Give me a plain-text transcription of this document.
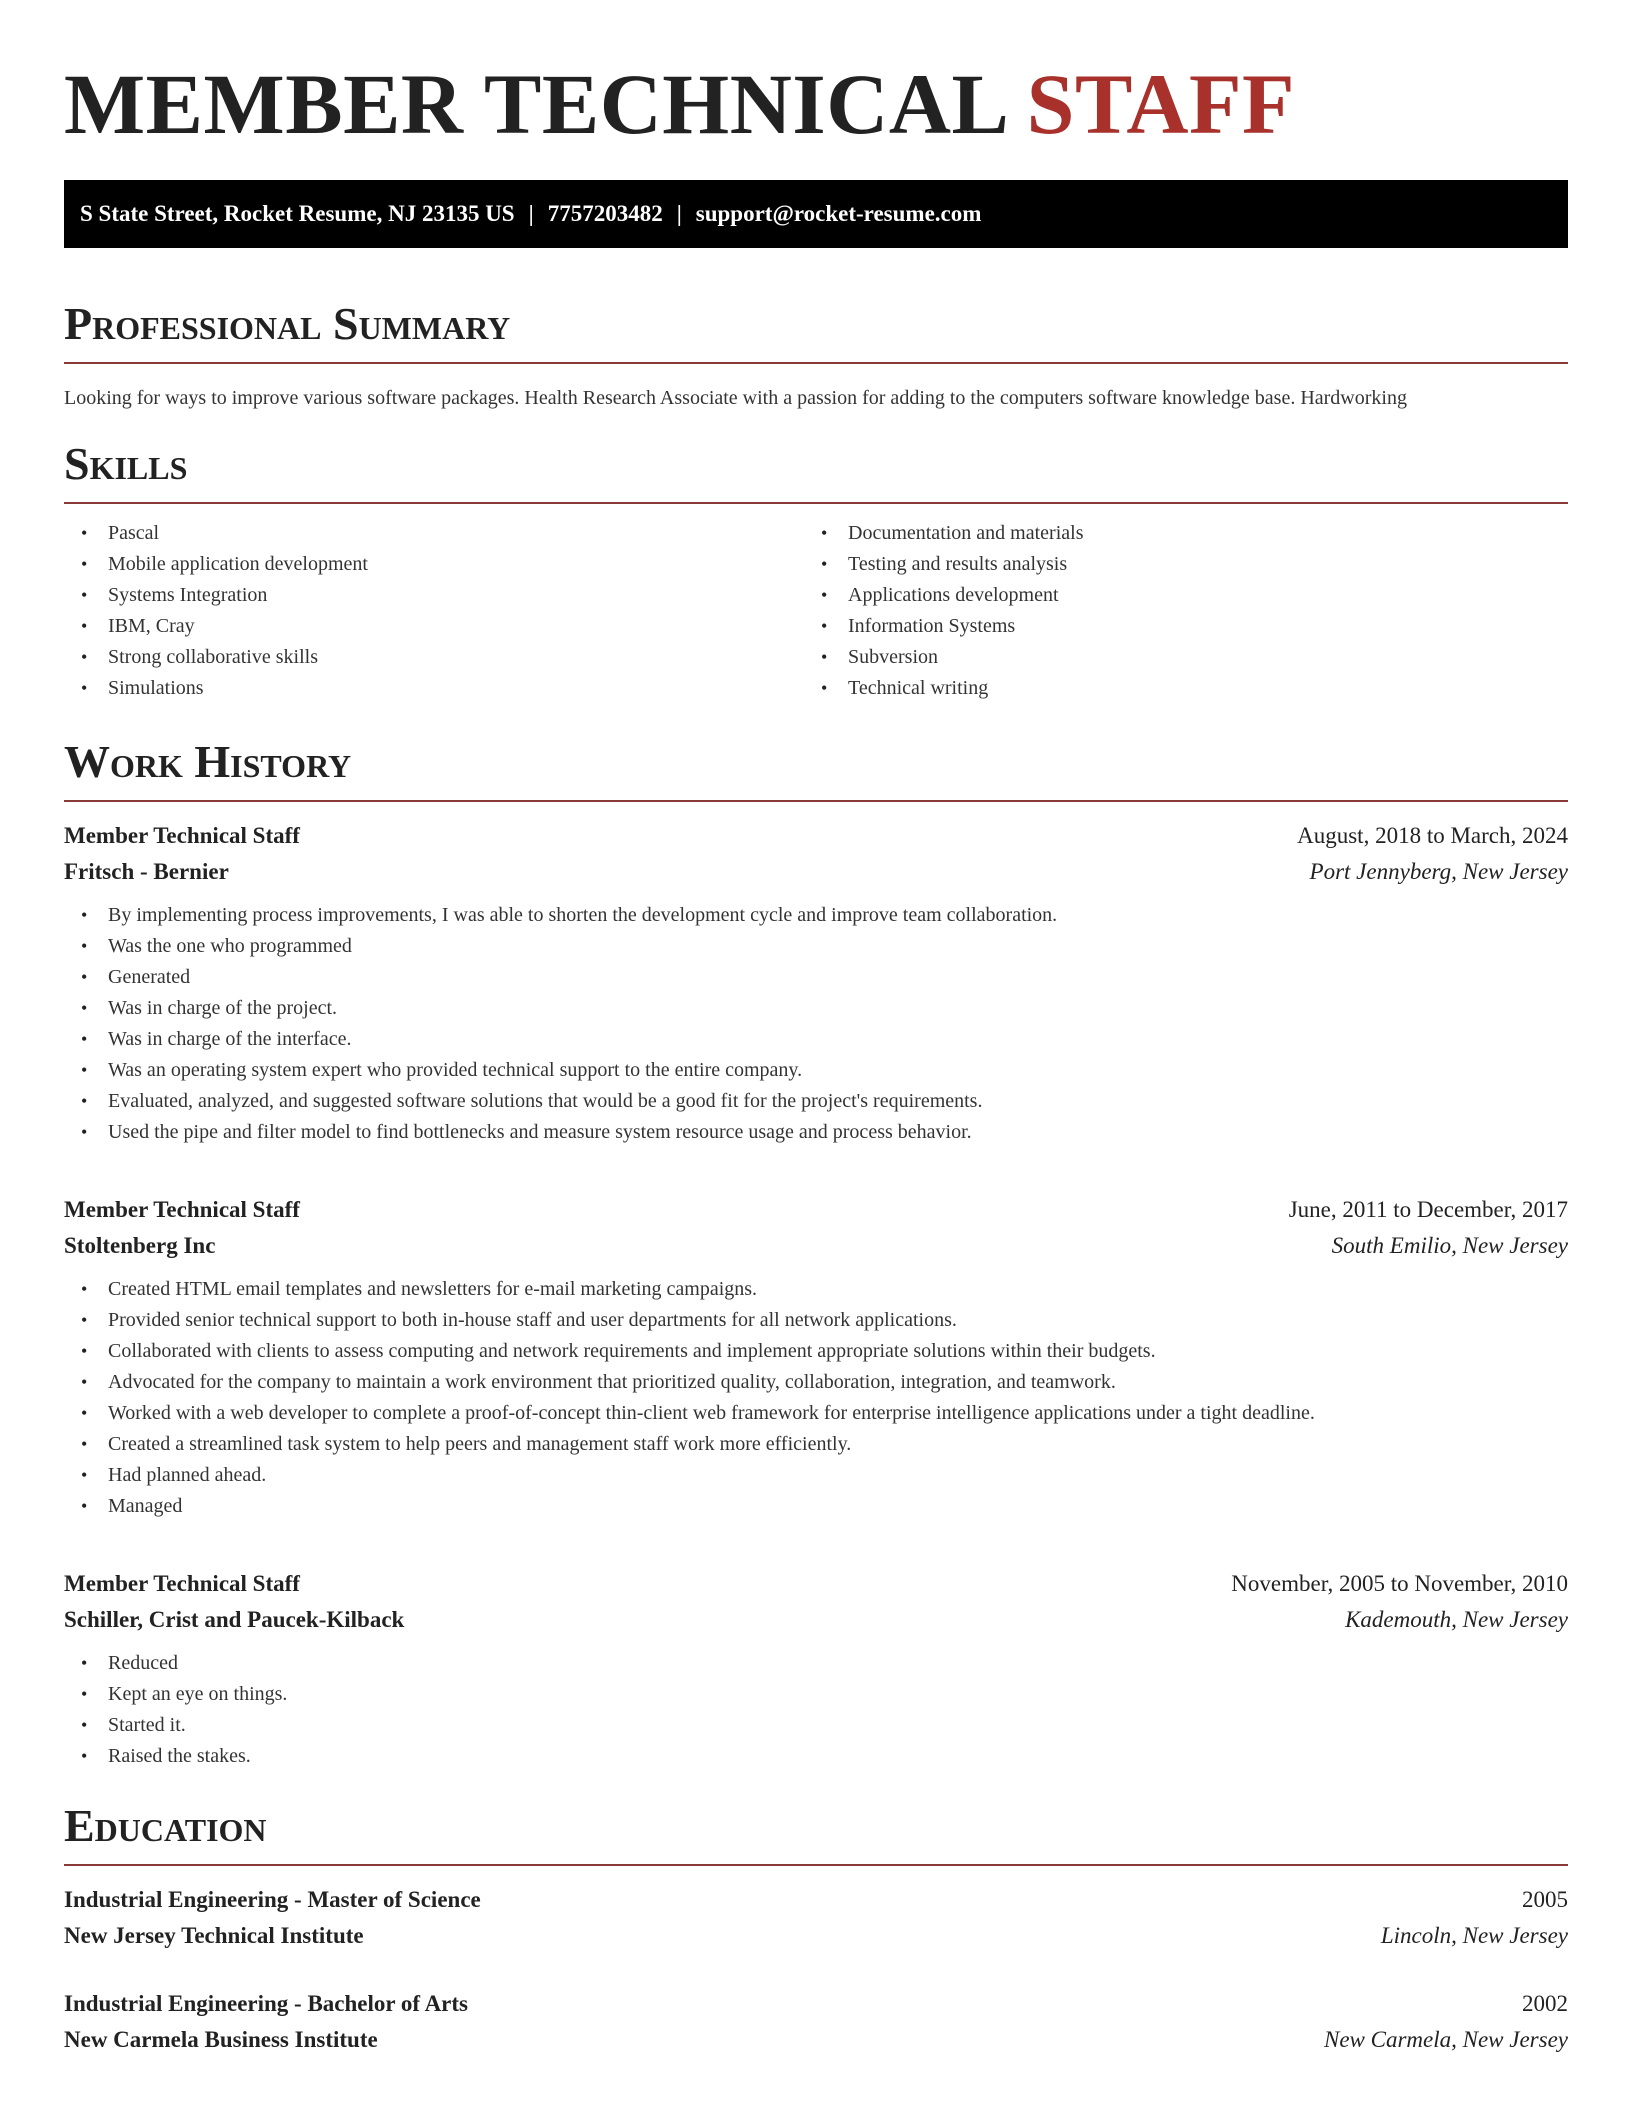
MEMBER TECHNICAL STAFF
S State Street, Rocket Resume, NJ 23135 US | 7757203482 | support@rocket-resume.com
Professional Summary

Looking for ways to improve various software packages. Health Research Associate with a passion for adding to the computers software knowledge base. Hardworking

Skills
• Pascal
• Mobile application development
• Systems Integration
• IBM, Cray
• Strong collaborative skills
• Simulations
• Documentation and materials
• Testing and results analysis
• Applications development
• Information Systems
• Subversion
• Technical writing
Work History
Member Technical Staff	August, 2018 to March, 2024
Fritsch - Bernier	Port Jennyberg, New Jersey
• By implementing process improvements, I was able to shorten the development cycle and improve team collaboration.
• Was the one who programmed
• Generated
• Was in charge of the project.
• Was in charge of the interface.
• Was an operating system expert who provided technical support to the entire company.
• Evaluated, analyzed, and suggested software solutions that would be a good fit for the project's requirements.
• Used the pipe and filter model to find bottlenecks and measure system resource usage and process behavior.
Member Technical Staff	June, 2011 to December, 2017
Stoltenberg Inc	South Emilio, New Jersey
• Created HTML email templates and newsletters for e-mail marketing campaigns.
• Provided senior technical support to both in-house staff and user departments for all network applications.
• Collaborated with clients to assess computing and network requirements and implement appropriate solutions within their budgets.
• Advocated for the company to maintain a work environment that prioritized quality, collaboration, integration, and teamwork.
• Worked with a web developer to complete a proof-of-concept thin-client web framework for enterprise intelligence applications under a tight deadline.
• Created a streamlined task system to help peers and management staff work more efficiently.
• Had planned ahead.
• Managed
Member Technical Staff	November, 2005 to November, 2010
Schiller, Crist and Paucek-Kilback	Kademouth, New Jersey
• Reduced
• Kept an eye on things.
• Started it.
• Raised the stakes.
Education
Industrial Engineering - Master of Science	2005
New Jersey Technical Institute	Lincoln, New Jersey
Industrial Engineering - Bachelor of Arts	2002
New Carmela Business Institute	New Carmela, New Jersey
